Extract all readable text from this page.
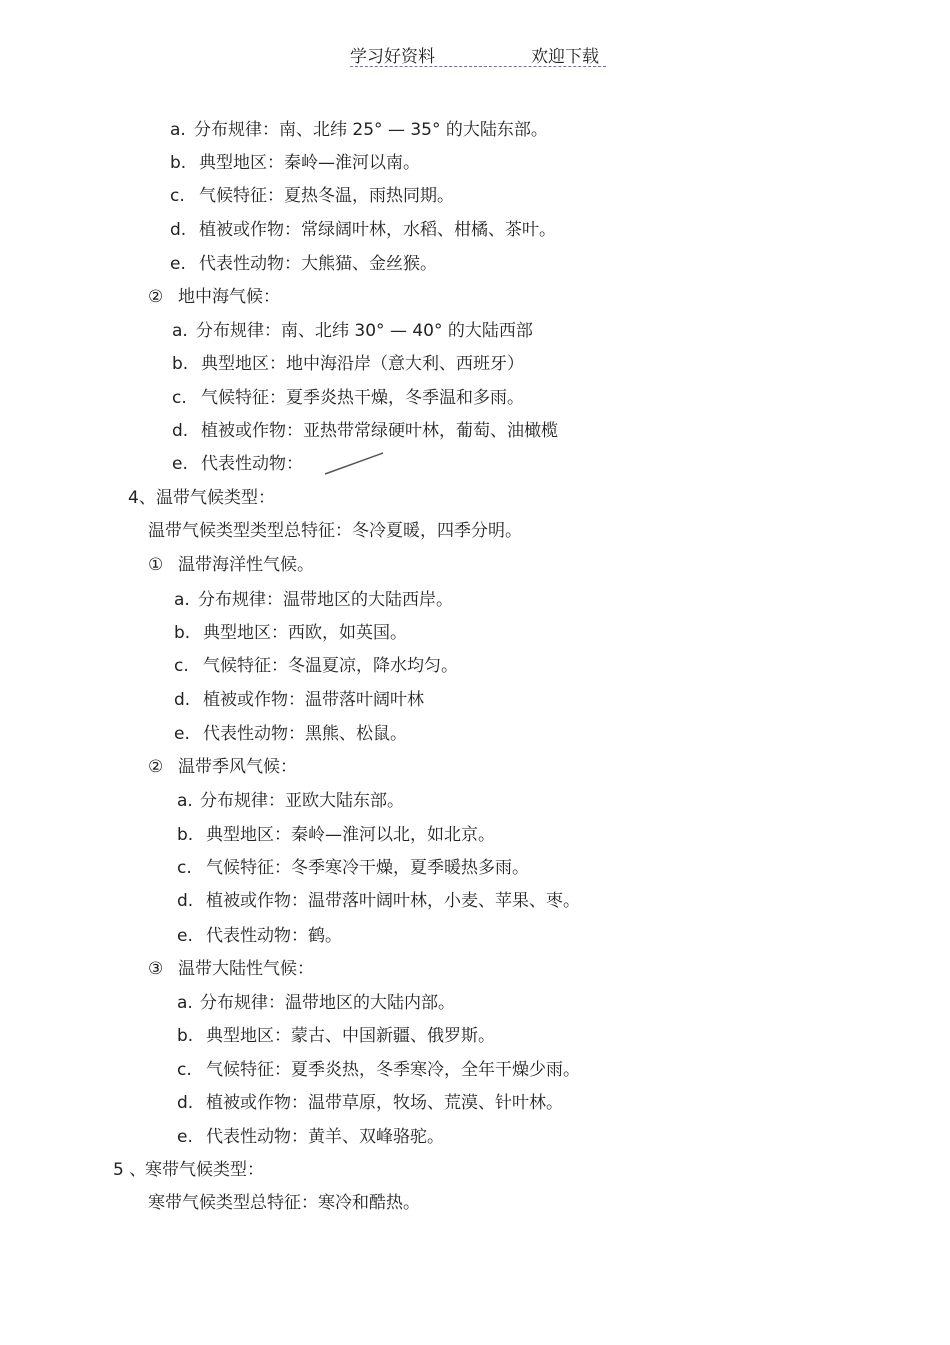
学习好资料	欢迎下载
a. 分布规律：南、北纬 25° — 35° 的大陆东部。
b. 典型地区：秦岭—淮河以南。
c. 气候特征：夏热冬温，雨热同期。
d. 植被或作物：常绿阔叶林，水稻、柑橘、茶叶。
e. 代表性动物：大熊猫、金丝猴。
② 地中海气候：
a. 分布规律：南、北纬 30° — 40° 的大陆西部
b. 典型地区：地中海沿岸（意大利、西班牙）
c. 气候特征：夏季炎热干燥，冬季温和多雨。
d. 植被或作物：亚热带常绿硬叶林，葡萄、油橄榄
e. 代表性动物：
4、温带气候类型：
温带气候类型类型总特征：冬冷夏暖，四季分明。
① 温带海洋性气候。
a. 分布规律：温带地区的大陆西岸。
b. 典型地区：西欧，如英国。
c. 气候特征：冬温夏凉，降水均匀。
d. 植被或作物：温带落叶阔叶林
e. 代表性动物：黑熊、松鼠。
② 温带季风气候：
a. 分布规律：亚欧大陆东部。
b. 典型地区：秦岭—淮河以北，如北京。
c. 气候特征：冬季寒冷干燥，夏季暖热多雨。
d. 植被或作物：温带落叶阔叶林，小麦、苹果、枣。
e. 代表性动物：鹤。
③ 温带大陆性气候：
a. 分布规律：温带地区的大陆内部。
b. 典型地区：蒙古、中国新疆、俄罗斯。
c. 气候特征：夏季炎热，冬季寒冷，全年干燥少雨。
d. 植被或作物：温带草原，牧场、荒漠、针叶林。
e. 代表性动物：黄羊、双峰骆驼。
5 、寒带气候类型：
寒带气候类型总特征：寒冷和酷热。
